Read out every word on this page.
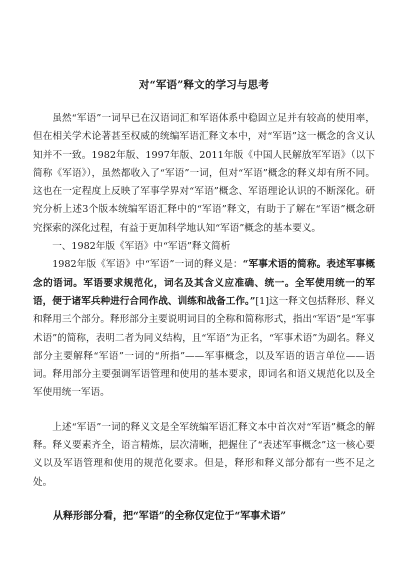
对“军语”释文的学习与思考

虽然“军语”一词早已在汉语词汇和军语体系中稳固立足并有较高的使用率，但在相关学术论著甚至权威的统编军语汇释文本中，对“军语”这一概念的含义认知并不一致。1982年版、1997年版、2011年版《中国人民解放军军语》（以下简称《军语》），虽然都收入了“军语”一词，但对“军语”概念的释义却有所不同。这也在一定程度上反映了军事学界对“军语”概念、军语理论认识的不断深化。研究分析上述3个版本统编军语汇释中的“军语”释文，有助于了解在“军语”概念研究探索的深化过程，有益于更加科学地认知“军语”概念的基本要义。

一、1982年版《军语》中“军语”释文简析

1982年版《军语》中“军语”一词的释义是：“军事术语的简称。表述军事概念的语词。军语要求规范化，词名及其含义应准确、统一。全军使用统一的军语，便于诸军兵种进行合同作战、训练和战备工作。”[1]这一释文包括释形、释义和释用三个部分。释形部分主要说明词目的全称和简称形式，指出“军语”是“军事术语”的简称，表明二者为同义结构，且“军语”为正名，“军事术语”为副名。释义部分主要解释“军语”一词的“所指”——军事概念，以及军语的语言单位——语词。释用部分主要强调军语管理和使用的基本要求，即词名和语义规范化以及全军使用统一军语。

上述“军语”一词的释义文是全军统编军语汇释文本中首次对“军语”概念的解释。释义要素齐全，语言精炼，层次清晰，把握住了“表述军事概念”这一核心要义以及军语管理和使用的规范化要求。但是，释形和释义部分都有一些不足之处。

从释形部分看，把“军语”的全称仅定位于“军事术语”
